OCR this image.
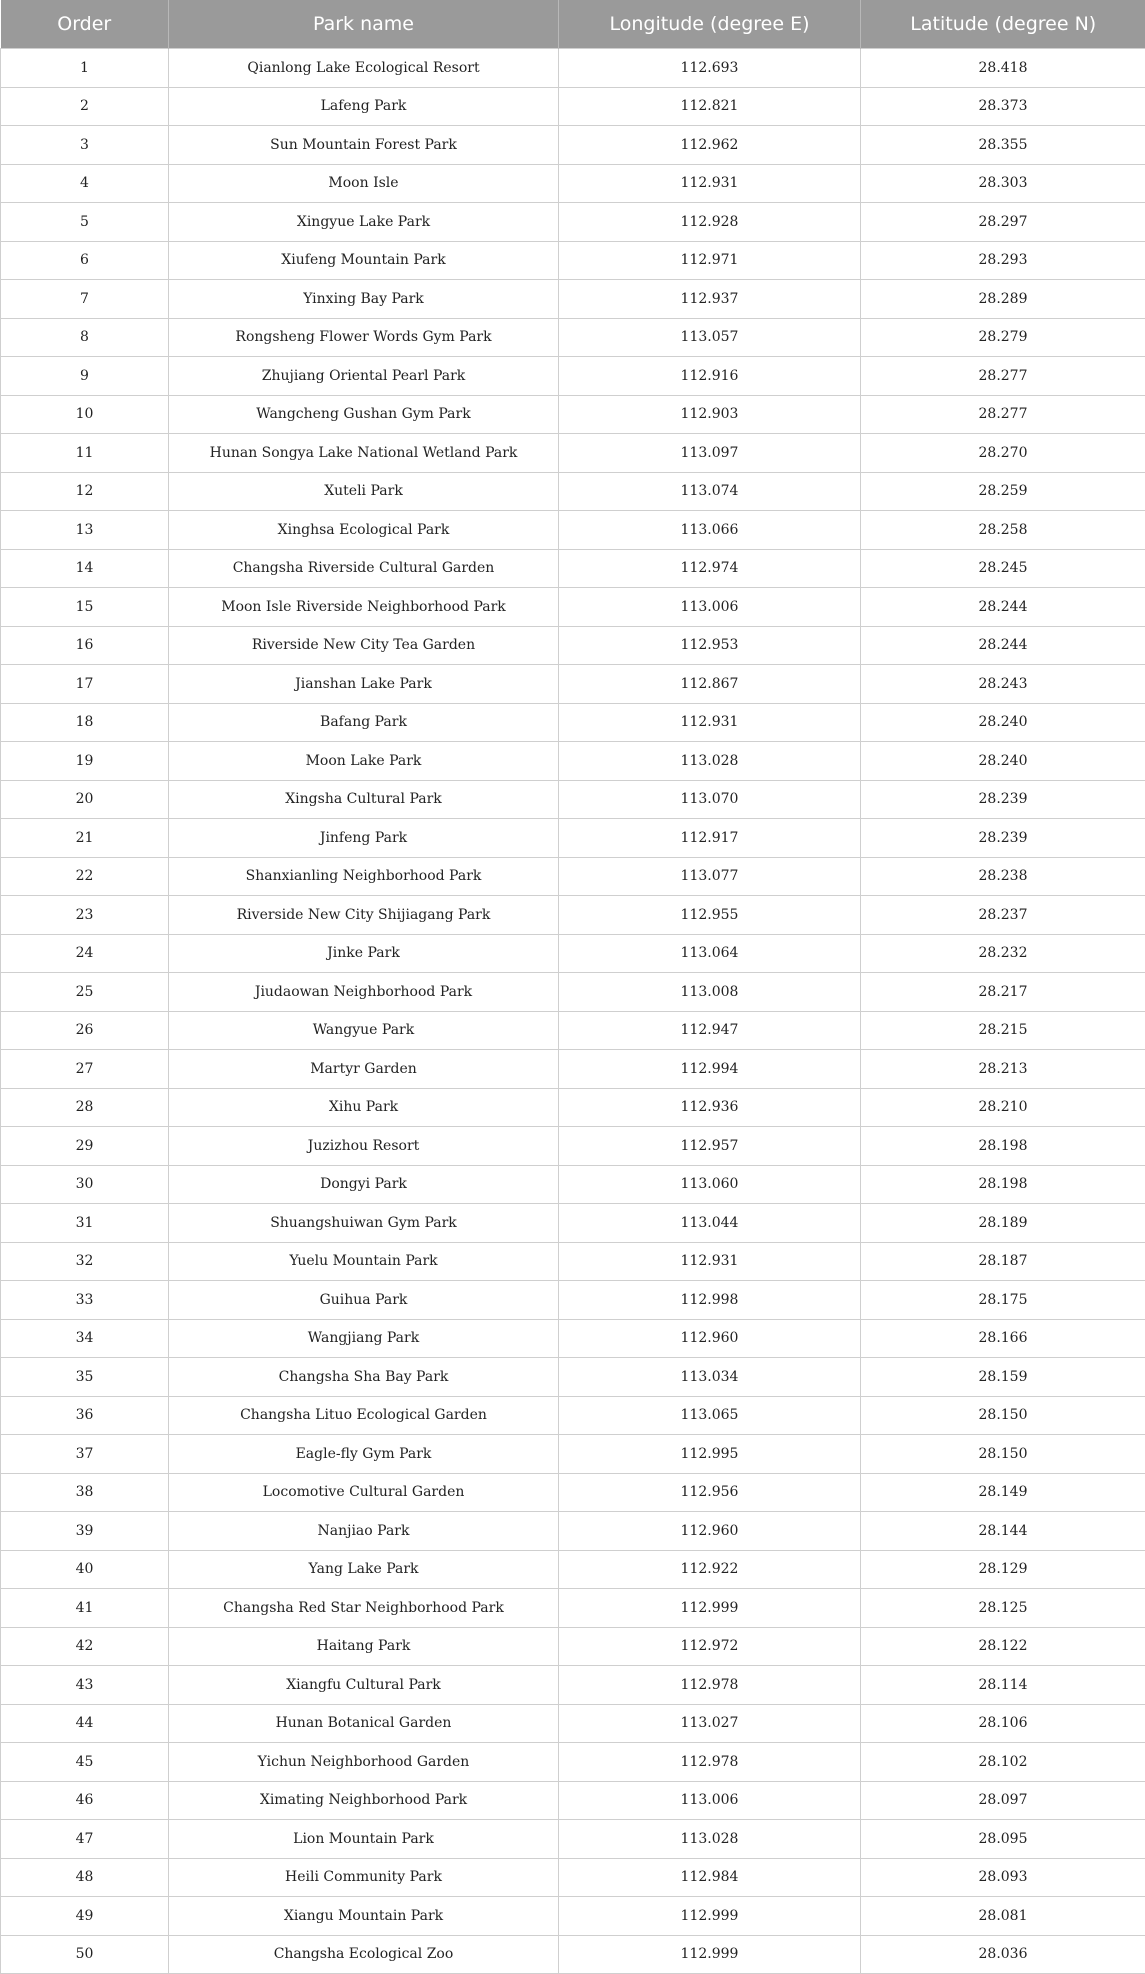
Order	Park name	Longitude (degree E)	Latitude (degree N)
1	Qianlong Lake Ecological Resort	112.693	28.418
2	Lafeng Park	112.821	28.373
3	Sun Mountain Forest Park	112.962	28.355
4	Moon Isle	112.931	28.303
5	Xingyue Lake Park	112.928	28.297
6	Xiufeng Mountain Park	112.971	28.293
7	Yinxing Bay Park	112.937	28.289
8	Rongsheng Flower Words Gym Park	113.057	28.279
9	Zhujiang Oriental Pearl Park	112.916	28.277
10	Wangcheng Gushan Gym Park	112.903	28.277
11	Hunan Songya Lake National Wetland Park	113.097	28.270
12	Xuteli Park	113.074	28.259
13	Xinghsa Ecological Park	113.066	28.258
14	Changsha Riverside Cultural Garden	112.974	28.245
15	Moon Isle Riverside Neighborhood Park	113.006	28.244
16	Riverside New City Tea Garden	112.953	28.244
17	Jianshan Lake Park	112.867	28.243
18	Bafang Park	112.931	28.240
19	Moon Lake Park	113.028	28.240
20	Xingsha Cultural Park	113.070	28.239
21	Jinfeng Park	112.917	28.239
22	Shanxianling Neighborhood Park	113.077	28.238
23	Riverside New City Shijiagang Park	112.955	28.237
24	Jinke Park	113.064	28.232
25	Jiudaowan Neighborhood Park	113.008	28.217
26	Wangyue Park	112.947	28.215
27	Martyr Garden	112.994	28.213
28	Xihu Park	112.936	28.210
29	Juzizhou Resort	112.957	28.198
30	Dongyi Park	113.060	28.198
31	Shuangshuiwan Gym Park	113.044	28.189
32	Yuelu Mountain Park	112.931	28.187
33	Guihua Park	112.998	28.175
34	Wangjiang Park	112.960	28.166
35	Changsha Sha Bay Park	113.034	28.159
36	Changsha Lituo Ecological Garden	113.065	28.150
37	Eagle-fly Gym Park	112.995	28.150
38	Locomotive Cultural Garden	112.956	28.149
39	Nanjiao Park	112.960	28.144
40	Yang Lake Park	112.922	28.129
41	Changsha Red Star Neighborhood Park	112.999	28.125
42	Haitang Park	112.972	28.122
43	Xiangfu Cultural Park	112.978	28.114
44	Hunan Botanical Garden	113.027	28.106
45	Yichun Neighborhood Garden	112.978	28.102
46	Ximating Neighborhood Park	113.006	28.097
47	Lion Mountain Park	113.028	28.095
48	Heili Community Park	112.984	28.093
49	Xiangu Mountain Park	112.999	28.081
50	Changsha Ecological Zoo	112.999	28.036
